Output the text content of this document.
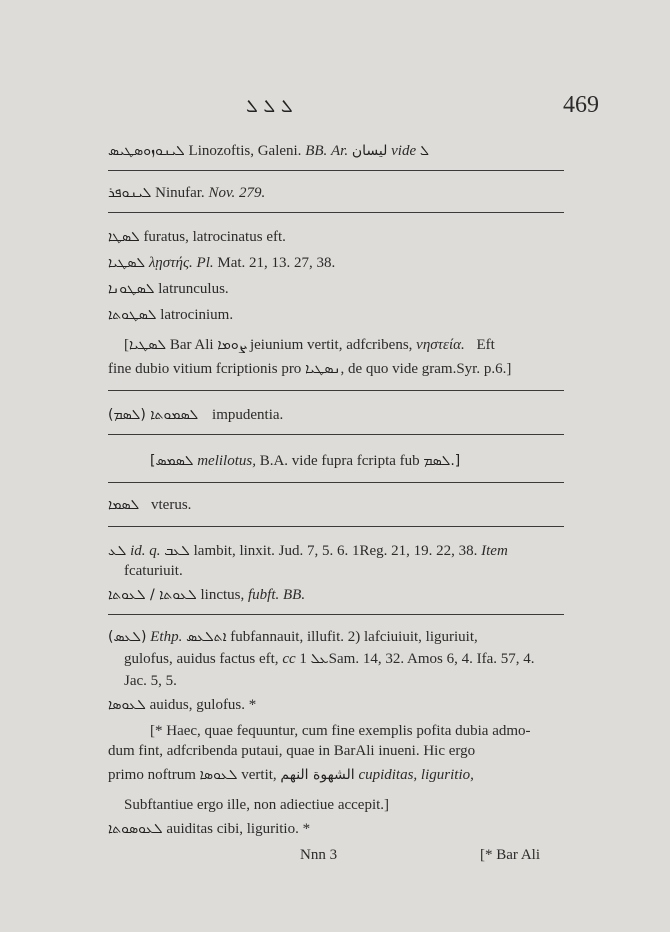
ܠ ܠ ܠ	469
ܠܝܢܘܙܘܣܛܝܣ Linozoftis, Galeni. BB. Ar. ليسان vide ܠ
ܠܝܢܘܦܪ Ninufar. Nov. 279.
ܠܣܛܐ furatus, latrocinatus eft.
ܠܣܛܝܐ λῃστής. Pl. Mat. 21, 13. 27, 38.
ܠܣܛܘܢܐ latrunculus.
ܠܣܛܘܬܐ latrocinium.
[ܠܣܛܝܐ Bar Ali ܨܘܡܐ jeiunium vertit, adfcribens, νηστεία. Eft
fine dubio vitium fcriptionis pro ܢܣܛܝܐ, de quo vide gram.Syr. p.6.]
(ܠܣܡ) ܠܣܡܘܬܐ impudentia.
[ܠܣܡܣ melilotus, B.A. vide fupra fcripta fub ܠܣܡ.]
ܠܣܡܐ vterus.
ܠܥ id. q. ܠܥܒ lambit, linxit. Jud. 7, 5. 6. 1Reg. 21, 19. 22, 38. Item
fcaturiuit.
ܠܥܘܬܐ / ܠܥܘܬܐ linctus, fubft. BB.
(ܠܥܣ) Ethp. ܐܬܠܥܣ fubfannauit, illufit. 2) lafciuiuit, liguriuit,
gulofus, auidus factus eft, cc ܥܠ 1Sam. 14, 32. Amos 6, 4. Ifa. 57, 4.
Jac. 5, 5.
ܠܥܘܣܐ auidus, gulofus. *
[* Haec, quae fequuntur, cum fine exemplis pofita dubia admo-
dum fint, adfcribenda putaui, quae in BarAli inueni. Hic ergo
primo noftrum ܠܥܘܣܐ vertit, الشهوة النهم cupiditas, liguritio,
Subftantiue ergo ille, non adiectiue accepit.]
ܠܥܘܣܘܬܐ auiditas cibi, liguritio. *
Nnn 3	[* Bar Ali
